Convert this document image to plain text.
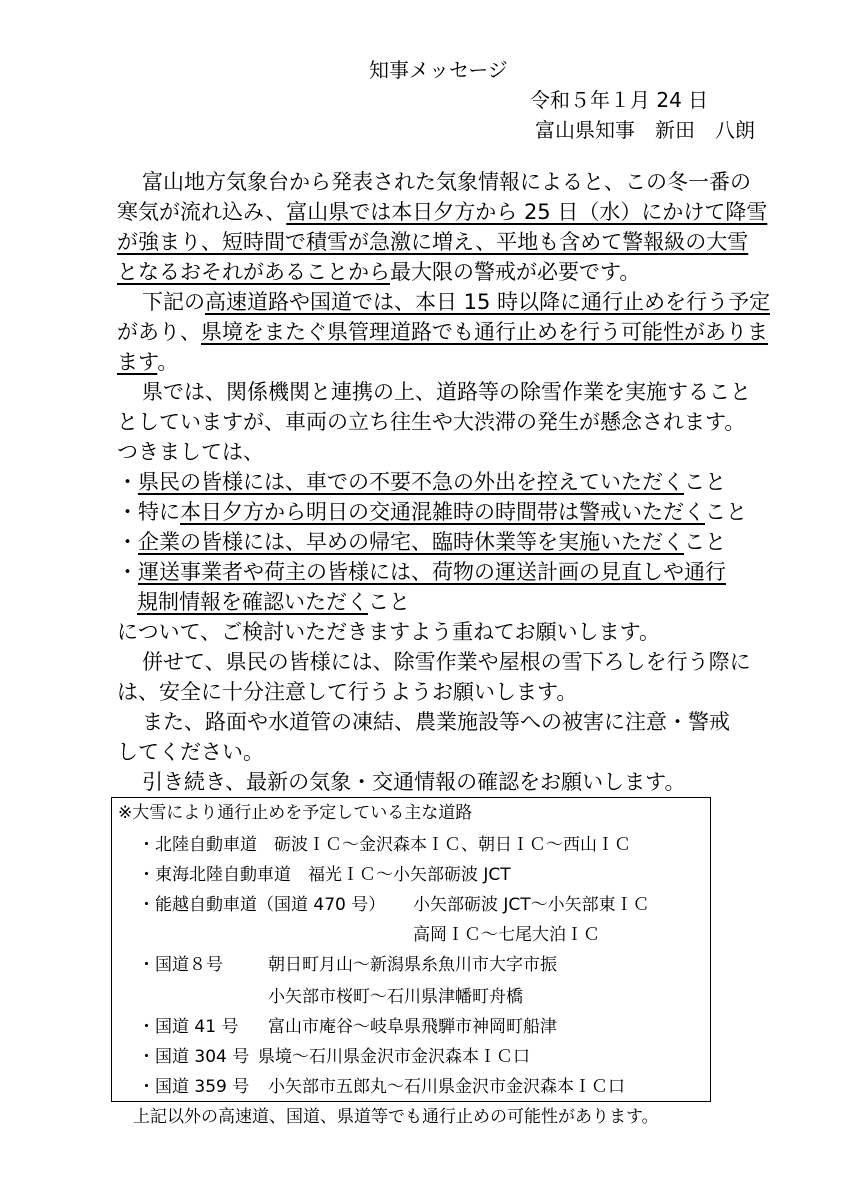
知事メッセージ
令和５年１月 24 日
富山県知事　新田　八朗
富山地方気象台から発表された気象情報によると、この冬一番の
寒気が流れ込み、富山県では本日夕方から 25 日（水）にかけて降雪
が強まり、短時間で積雪が急激に増え、平地も含めて警報級の大雪
となるおそれがあることから最大限の警戒が必要です。
下記の高速道路や国道では、本日 15 時以降に通行止めを行う予定
があり、県境をまたぐ県管理道路でも通行止めを行う可能性がありま
ます。
県では、関係機関と連携の上、道路等の除雪作業を実施すること
としていますが、車両の立ち往生や大渋滞の発生が懸念されます。
つきましては、
・県民の皆様には、車での不要不急の外出を控えていただくこと
・特に本日夕方から明日の交通混雑時の時間帯は警戒いただくこと
・企業の皆様には、早めの帰宅、臨時休業等を実施いただくこと
・運送事業者や荷主の皆様には、荷物の運送計画の見直しや通行
規制情報を確認いただくこと
について、ご検討いただきますよう重ねてお願いします。
併せて、県民の皆様には、除雪作業や屋根の雪下ろしを行う際に
は、安全に十分注意して行うようお願いします。
また、路面や水道管の凍結、農業施設等への被害に注意・警戒
してください。
引き続き、最新の気象・交通情報の確認をお願いします。
※大雪により通行止めを予定している主な道路
・北陸自動車道　砺波ＩＣ～金沢森本ＩＣ、朝日ＩＣ～西山ＩＣ
・東海北陸自動車道　福光ＩＣ～小矢部砺波 JCT
・能越自動車道（国道 470 号） 小矢部砺波 JCT～小矢部東ＩＣ
高岡ＩＣ～七尾大泊ＩＣ
・国道８号	朝日町月山～新潟県糸魚川市大字市振
小矢部市桜町～石川県津幡町舟橋
・国道 41 号 富山市庵谷～岐阜県飛騨市神岡町船津
・国道 304 号 県境～石川県金沢市金沢森本ＩＣ口
・国道 359 号 小矢部市五郎丸～石川県金沢市金沢森本ＩＣ口
上記以外の高速道、国道、県道等でも通行止めの可能性があります。
